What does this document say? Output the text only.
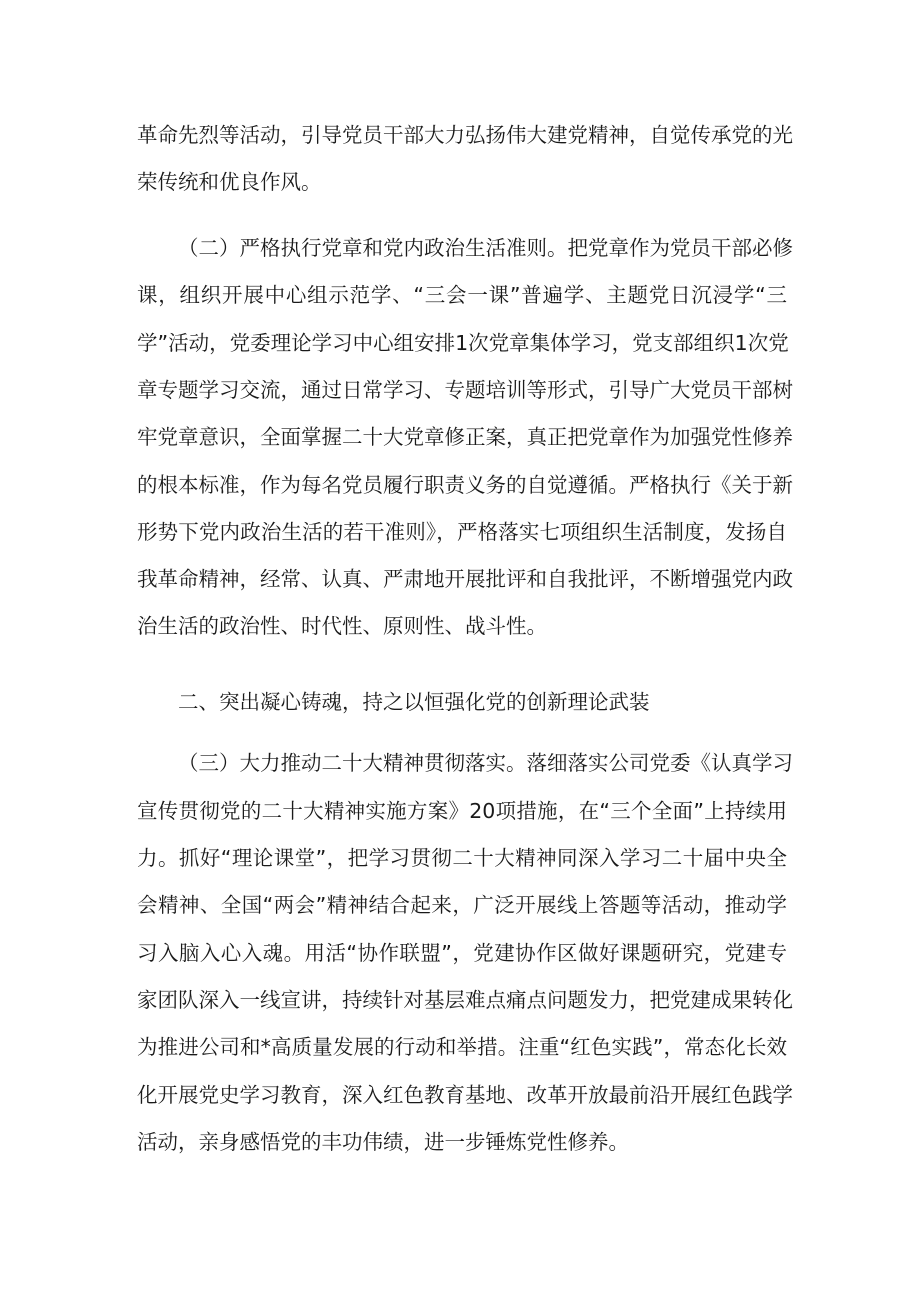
革命先烈等活动，引导党员干部大力弘扬伟大建党精神，自觉传承党的光
荣传统和优良作风。
（二）严格执行党章和党内政治生活准则。把党章作为党员干部必修
课，组织开展中心组示范学、“三会一课”普遍学、主题党日沉浸学“三
学”活动，党委理论学习中心组安排1次党章集体学习，党支部组织1次党
章专题学习交流，通过日常学习、专题培训等形式，引导广大党员干部树
牢党章意识，全面掌握二十大党章修正案，真正把党章作为加强党性修养
的根本标准，作为每名党员履行职责义务的自觉遵循。严格执行《关于新
形势下党内政治生活的若干准则》，严格落实七项组织生活制度，发扬自
我革命精神，经常、认真、严肃地开展批评和自我批评，不断增强党内政
治生活的政治性、时代性、原则性、战斗性。
二、突出凝心铸魂，持之以恒强化党的创新理论武装
（三）大力推动二十大精神贯彻落实。落细落实公司党委《认真学习
宣传贯彻党的二十大精神实施方案》20项措施，在“三个全面”上持续用
力。抓好“理论课堂”，把学习贯彻二十大精神同深入学习二十届中央全
会精神、全国“两会”精神结合起来，广泛开展线上答题等活动，推动学
习入脑入心入魂。用活“协作联盟”，党建协作区做好课题研究，党建专
家团队深入一线宣讲，持续针对基层难点痛点问题发力，把党建成果转化
为推进公司和*高质量发展的行动和举措。注重“红色实践”，常态化长效
化开展党史学习教育，深入红色教育基地、改革开放最前沿开展红色践学
活动，亲身感悟党的丰功伟绩，进一步锤炼党性修养。
